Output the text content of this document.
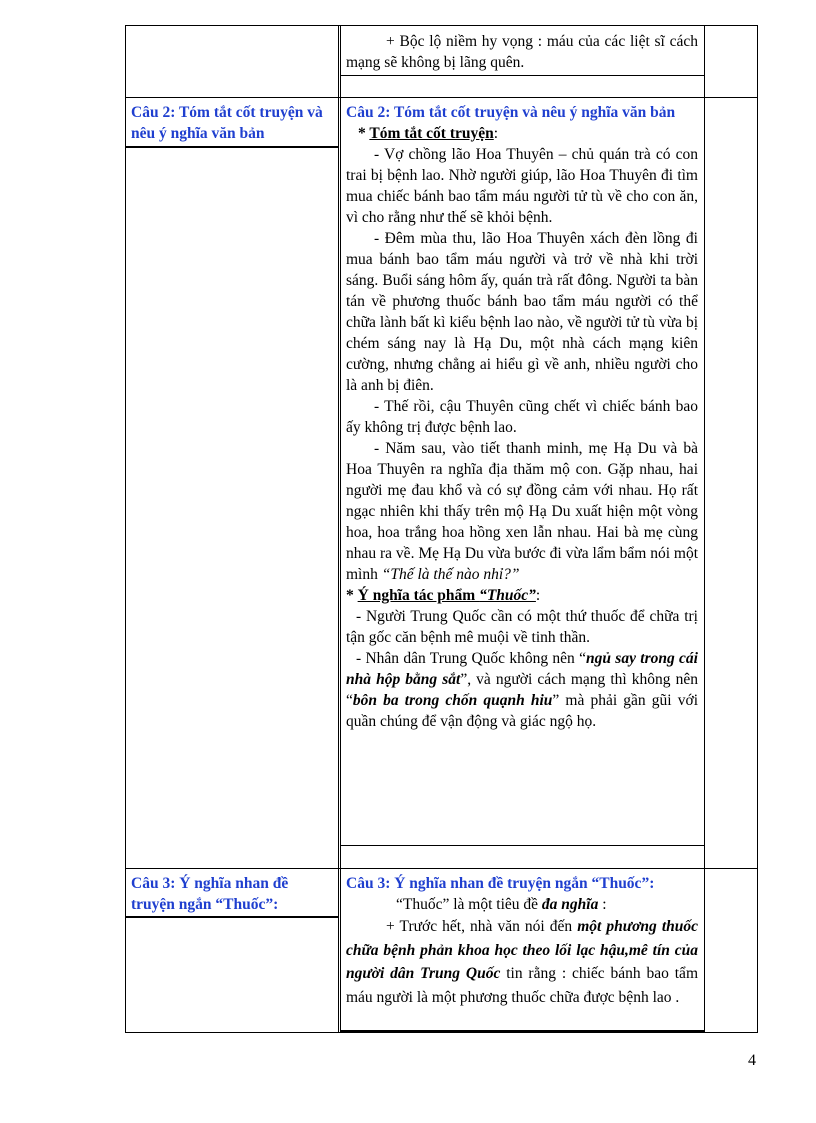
+ Bộc lộ niềm hy vọng : máu của các liệt sĩ cách mạng sẽ không bị lãng quên.

Câu 2: Tóm tắt cốt truyện và nêu ý nghĩa văn bản

Câu 2: Tóm tắt cốt truyện và nêu ý nghĩa văn bản

* Tóm tắt cốt truyện:

- Vợ chồng lão Hoa Thuyên – chủ quán trà có con trai bị bệnh lao. Nhờ người giúp, lão Hoa Thuyên đi tìm mua chiếc bánh bao tẩm máu người tử tù về cho con ăn, vì cho rằng như thế sẽ khỏi bệnh.

- Đêm mùa thu, lão Hoa Thuyên xách đèn lồng đi mua bánh bao tẩm máu người và trở về nhà khi trời sáng. Buổi sáng hôm ấy, quán trà rất đông. Người ta bàn tán về phương thuốc bánh bao tẩm máu người có thể chữa lành bất kì kiểu bệnh lao nào, về người tử tù vừa bị chém sáng nay là Hạ Du, một nhà cách mạng kiên cường, nhưng chẳng ai hiểu gì về anh, nhiều người cho là anh bị điên.

- Thế rồi, cậu Thuyên cũng chết vì chiếc bánh bao ấy không trị được bệnh lao.

- Năm sau, vào tiết thanh minh, mẹ Hạ Du và bà Hoa Thuyên ra nghĩa địa thăm mộ con. Gặp nhau, hai người mẹ đau khổ và có sự đồng cảm với nhau. Họ rất ngạc nhiên khi thấy trên mộ Hạ Du xuất hiện một vòng hoa, hoa trắng hoa hồng xen lẫn nhau. Hai bà mẹ cùng nhau ra về. Mẹ Hạ Du vừa bước đi vừa lẩm bẩm nói một mình “Thế là thế nào nhỉ?”

* Ý nghĩa tác phẩm “Thuốc”:

- Người Trung Quốc cần có một thứ thuốc để chữa trị tận gốc căn bệnh mê muội về tinh thần.

- Nhân dân Trung Quốc không nên “ngủ say trong cái nhà hộp bằng sắt”, và người cách mạng thì không nên “bôn ba trong chốn quạnh hiu” mà phải gần gũi với quần chúng để vận động và giác ngộ họ.

Câu 3: Ý nghĩa nhan đề truyện ngắn “Thuốc”:

Câu 3: Ý nghĩa nhan đề truyện ngắn “Thuốc”:

“Thuốc” là một tiêu đề đa nghĩa :

+ Trước hết, nhà văn nói đến một phương thuốc chữa bệnh phản khoa học theo lối lạc hậu,mê tín của người dân Trung Quốc tin rằng : chiếc bánh bao tẩm máu người là một phương thuốc chữa được bệnh lao .

4
